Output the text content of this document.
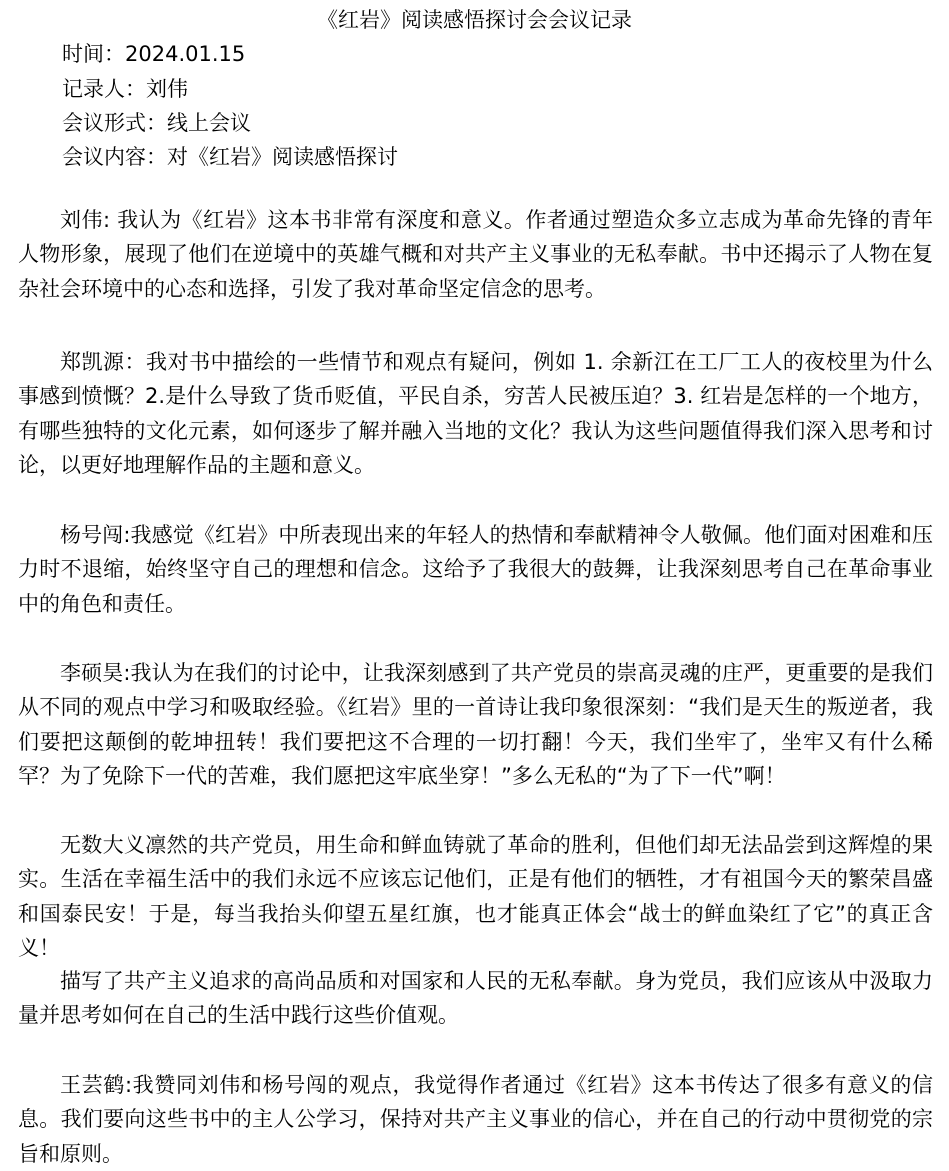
《红岩》阅读感悟探讨会会议记录
时间：2024.01.15
记录人：刘伟
会议形式：线上会议
会议内容：对《红岩》阅读感悟探讨
刘伟: 我认为《红岩》这本书非常有深度和意义。作者通过塑造众多立志成为革命先锋的青年人物形象，展现了他们在逆境中的英雄气概和对共产主义事业的无私奉献。书中还揭示了人物在复杂社会环境中的心态和选择，引发了我对革命坚定信念的思考。
郑凯源：我对书中描绘的一些情节和观点有疑问，例如 1. 余新江在工厂工人的夜校里为什么事感到愤慨？2.是什么导致了货币贬值，平民自杀，穷苦人民被压迫？3. 红岩是怎样的一个地方，有哪些独特的文化元素，如何逐步了解并融入当地的文化？我认为这些问题值得我们深入思考和讨论，以更好地理解作品的主题和意义。
杨号闯:我感觉《红岩》中所表现出来的年轻人的热情和奉献精神令人敬佩。他们面对困难和压力时不退缩，始终坚守自己的理想和信念。这给予了我很大的鼓舞，让我深刻思考自己在革命事业中的角色和责任。
李硕昊:我认为在我们的讨论中，让我深刻感到了共产党员的崇高灵魂的庄严，更重要的是我们从不同的观点中学习和吸取经验。《红岩》里的一首诗让我印象很深刻：“我们是天生的叛逆者，我们要把这颠倒的乾坤扭转！我们要把这不合理的一切打翻！今天，我们坐牢了，坐牢又有什么稀罕？为了免除下一代的苦难，我们愿把这牢底坐穿！”多么无私的“为了下一代”啊！
无数大义凛然的共产党员，用生命和鲜血铸就了革命的胜利，但他们却无法品尝到这辉煌的果实。生活在幸福生活中的我们永远不应该忘记他们，正是有他们的牺牲，才有祖国今天的繁荣昌盛和国泰民安！于是，每当我抬头仰望五星红旗，也才能真正体会“战士的鲜血染红了它”的真正含义！
描写了共产主义追求的高尚品质和对国家和人民的无私奉献。身为党员，我们应该从中汲取力量并思考如何在自己的生活中践行这些价值观。
王芸鹤:我赞同刘伟和杨号闯的观点，我觉得作者通过《红岩》这本书传达了很多有意义的信息。我们要向这些书中的主人公学习，保持对共产主义事业的信心，并在自己的行动中贯彻党的宗旨和原则。
